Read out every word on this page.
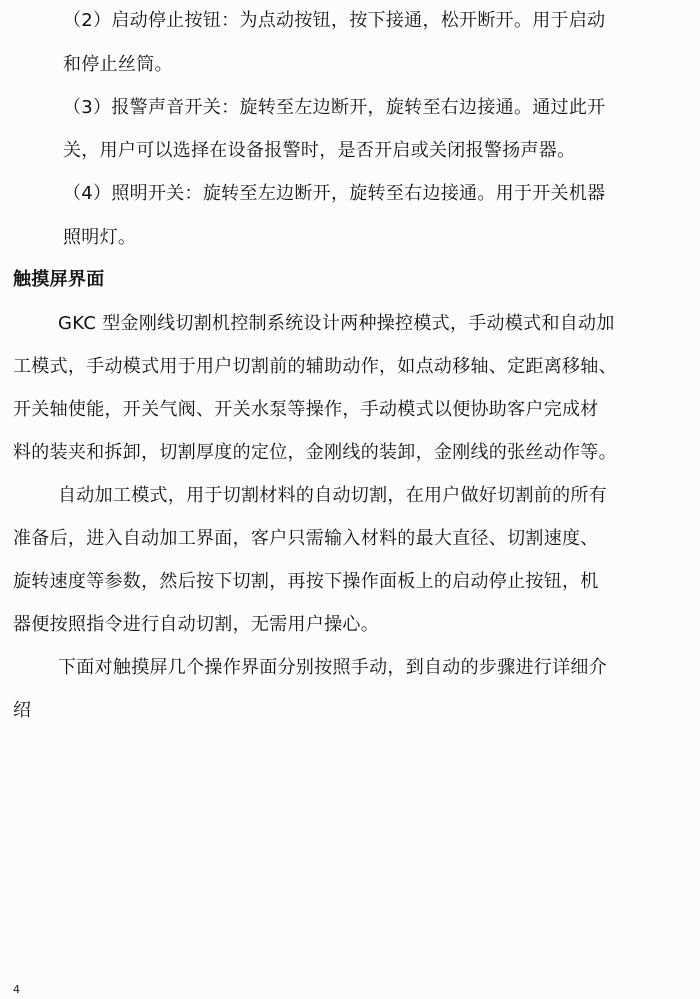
（2）启动停止按钮：为点动按钮，按下接通，松开断开。用于启动
和停止丝筒。
（3）报警声音开关：旋转至左边断开，旋转至右边接通。通过此开
关，用户可以选择在设备报警时，是否开启或关闭报警扬声器。
（4）照明开关：旋转至左边断开，旋转至右边接通。用于开关机器
照明灯。
触摸屏界面
GKC 型金刚线切割机控制系统设计两种操控模式，手动模式和自动加
工模式，手动模式用于用户切割前的辅助动作，如点动移轴、定距离移轴、
开关轴使能，开关气阀、开关水泵等操作，手动模式以便协助客户完成材
料的装夹和拆卸，切割厚度的定位，金刚线的装卸，金刚线的张丝动作等。
自动加工模式，用于切割材料的自动切割，在用户做好切割前的所有
准备后，进入自动加工界面，客户只需输入材料的最大直径、切割速度、
旋转速度等参数，然后按下切割，再按下操作面板上的启动停止按钮，机
器便按照指令进行自动切割，无需用户操心。
下面对触摸屏几个操作界面分别按照手动，到自动的步骤进行详细介
绍
4
